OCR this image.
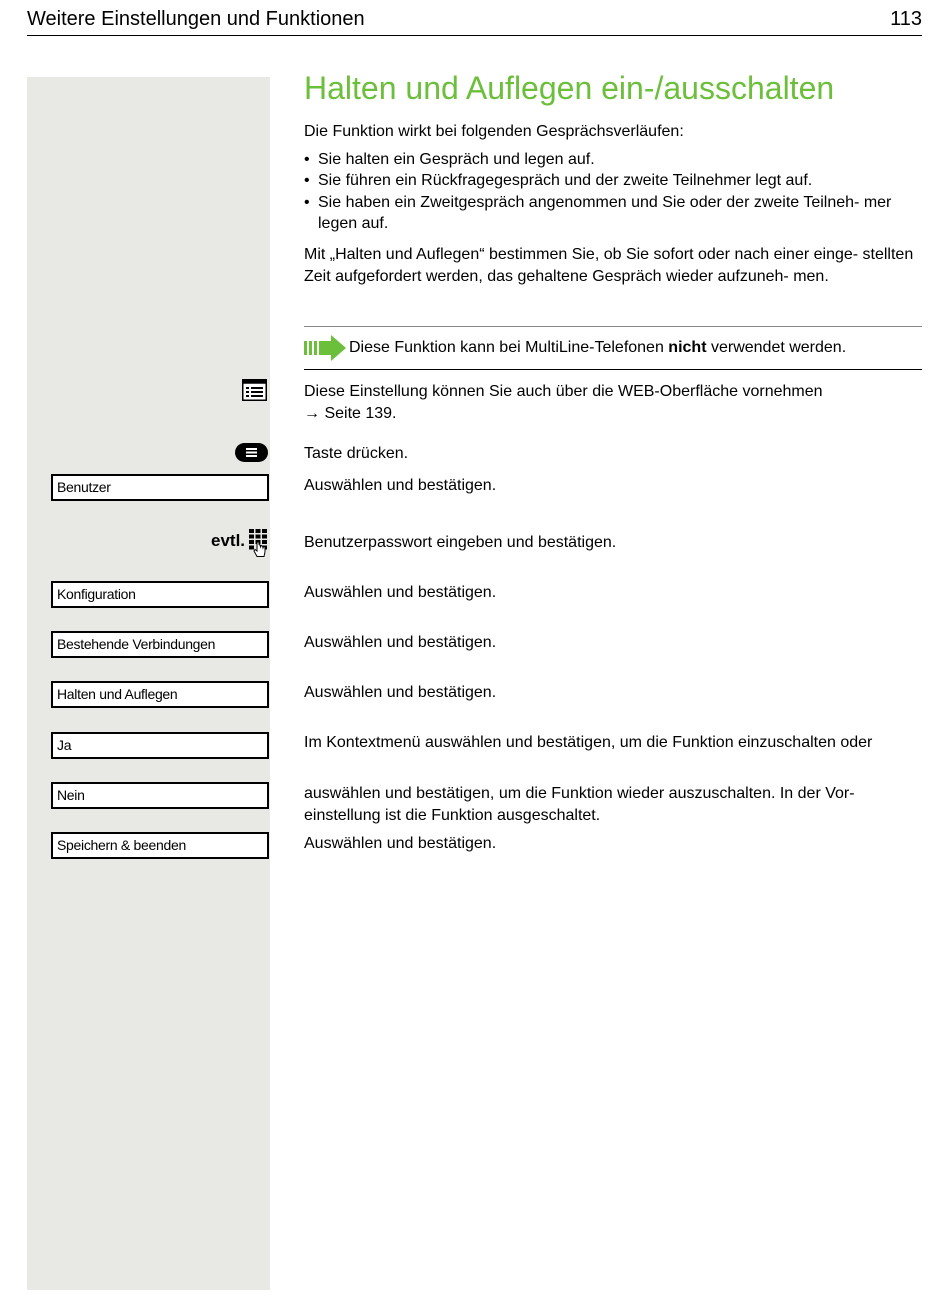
Weitere Einstellungen und Funktionen	113
Halten und Auflegen ein-/ausschalten
Die Funktion wirkt bei folgenden Gesprächsverläufen:
• Sie halten ein Gespräch und legen auf.
• Sie führen ein Rückfragegespräch und der zweite Teilnehmer legt auf.
• Sie haben ein Zweitgespräch angenommen und Sie oder der zweite Teilneh- mer legen auf.
Mit „Halten und Auflegen“ bestimmen Sie, ob Sie sofort oder nach einer einge- stellten Zeit aufgefordert werden, das gehaltene Gespräch wieder aufzuneh- men.
Diese Funktion kann bei MultiLine-Telefonen nicht verwendet werden.
Diese Einstellung können Sie auch über die WEB-Oberfläche vornehmen
→ Seite 139.
Taste drücken.
Benutzer	Auswählen und bestätigen.
evtl.	Benutzerpasswort eingeben und bestätigen.
Konfiguration	Auswählen und bestätigen.
Bestehende Verbindungen	Auswählen und bestätigen.
Halten und Auflegen	Auswählen und bestätigen.
Ja	Im Kontextmenü auswählen und bestätigen, um die Funktion einzuschalten oder
Nein	auswählen und bestätigen, um die Funktion wieder auszuschalten. In der Vor- einstellung ist die Funktion ausgeschaltet.
Speichern & beenden	Auswählen und bestätigen.
